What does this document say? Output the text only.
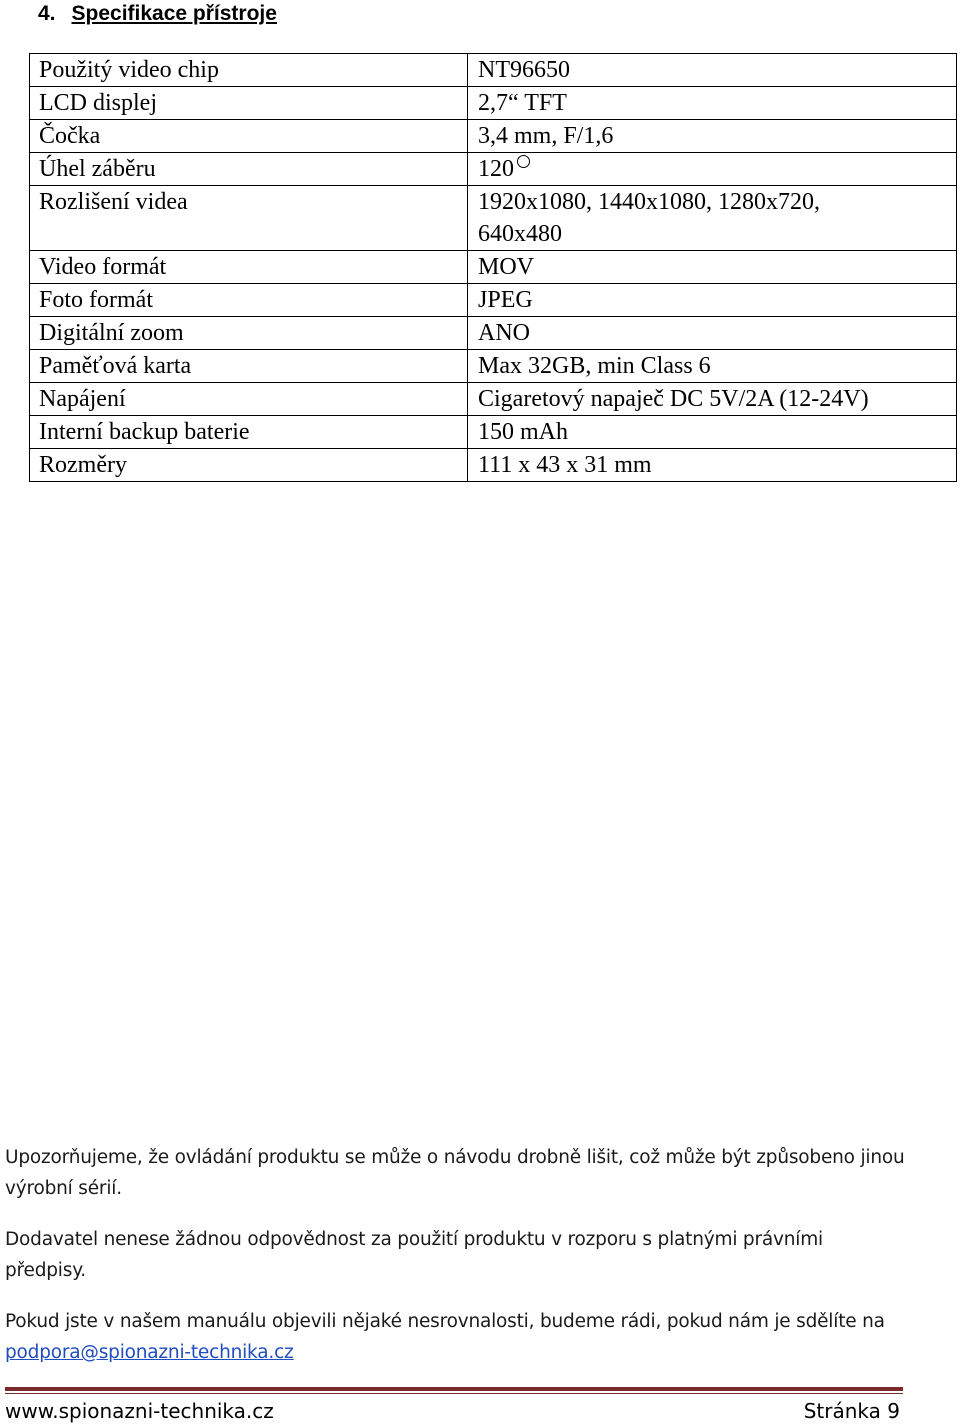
4. Specifikace přístroje
Použitý video chip	NT96650
LCD displej	2,7“ TFT
Čočka	3,4 mm, F/1,6
Úhel záběru	120
Rozlišení videa	1920x1080, 1440x1080, 1280x720,
640x480

Video formát	MOV
Foto formát	JPEG
Digitální zoom	ANO
Paměťová karta	Max 32GB, min Class 6
Napájení	Cigaretový napaječ DC 5V/2A (12-24V)
Interní backup baterie	150 mAh
Rozměry	111 x 43 x 31 mm

Upozorňujeme, že ovládání produktu se může o návodu drobně lišit, což může být způsobeno jinou výrobní sérií.

Dodavatel nenese žádnou odpovědnost za použití produktu v rozporu s platnými právními předpisy.

Pokud jste v našem manuálu objevili nějaké nesrovnalosti, budeme rádi, pokud nám je sdělíte na podpora@spionazni-technika.cz

www.spionazni-technika.cz	Stránka 9
